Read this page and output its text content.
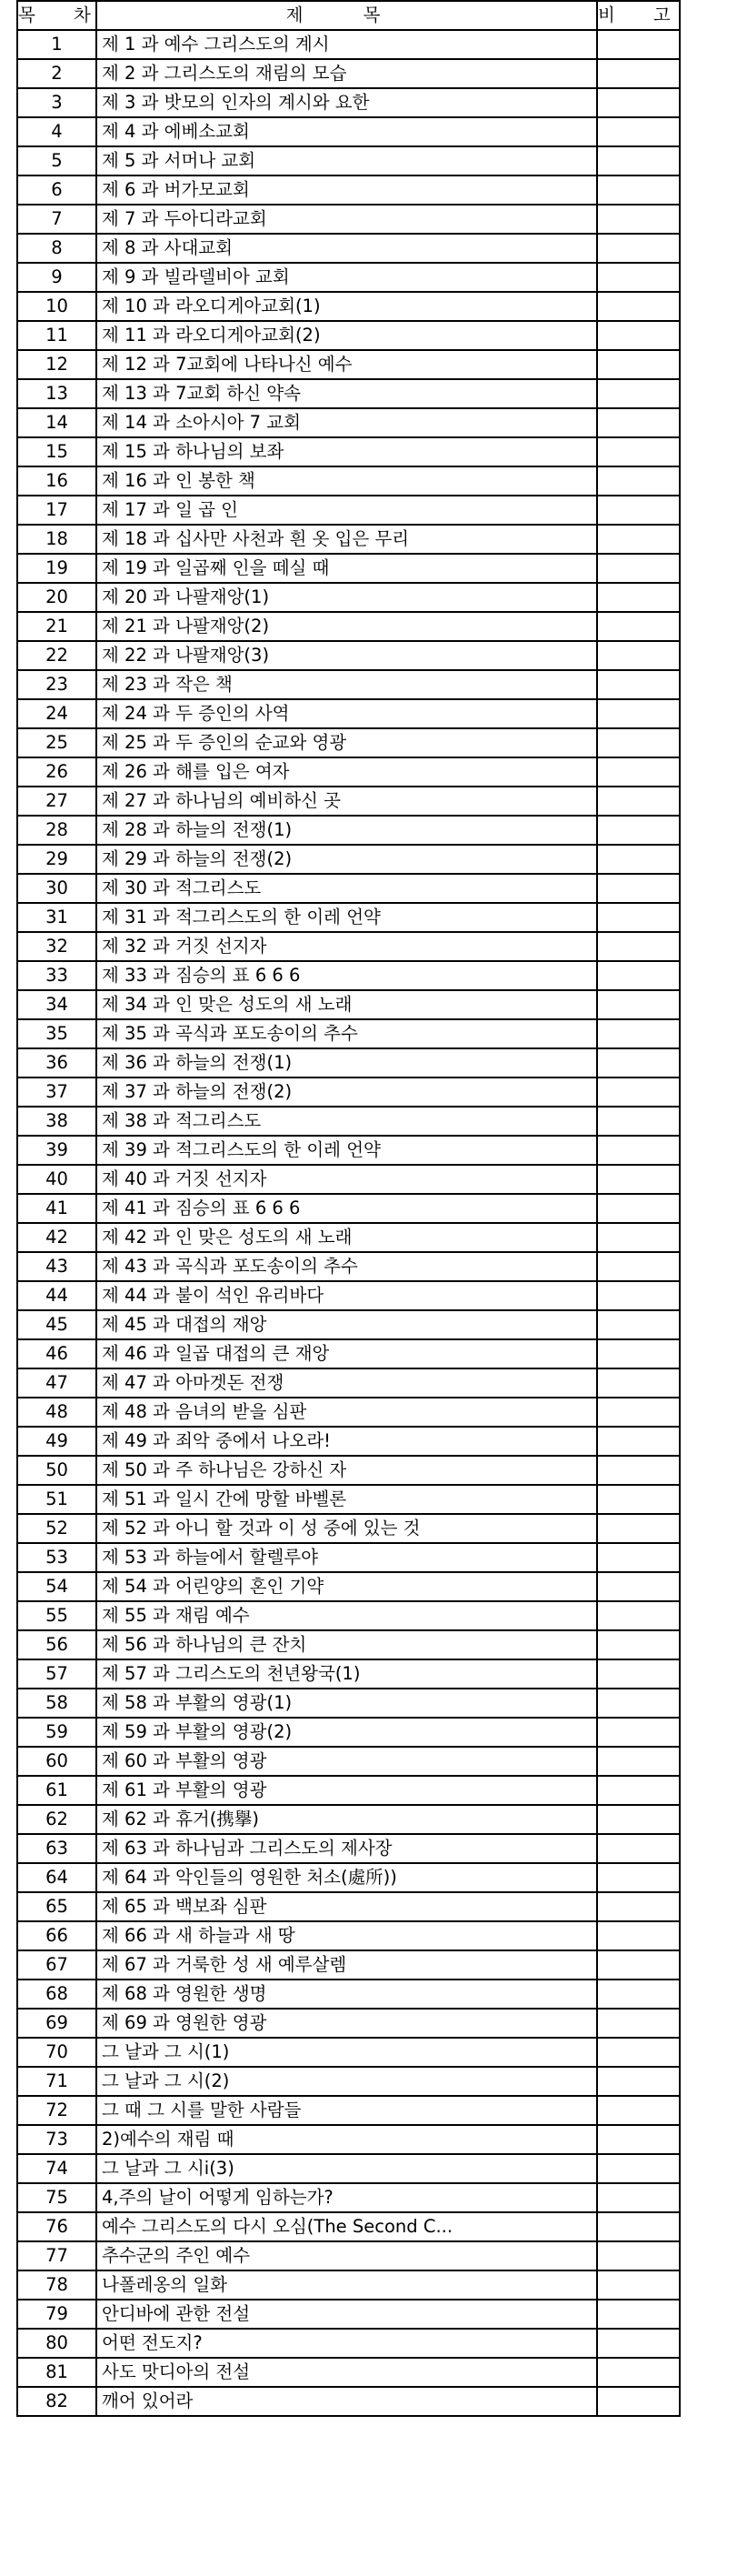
목 차	제 목	비 고
1	제 1 과 예수 그리스도의 계시	
2	제 2 과 그리스도의 재림의 모습	
3	제 3 과 밧모의 인자의 계시와 요한	
4	제 4 과 에베소교회	
5	제 5 과 서머나 교회	
6	제 6 과 버가모교회	
7	제 7 과 두아디라교회	
8	제 8 과 사대교회	
9	제 9 과 빌라델비아 교회	
10	제 10 과 라오디게아교회(1)	
11	제 11 과 라오디게아교회(2)	
12	제 12 과 7교회에 나타나신 예수	
13	제 13 과 7교회 하신 약속	
14	제 14 과 소아시아 7 교회	
15	제 15 과 하나님의 보좌	
16	제 16 과 인 봉한 책	
17	제 17 과 일 곱 인	
18	제 18 과 십사만 사천과 흰 옷 입은 무리	
19	제 19 과 일곱째 인을 떼실 때	
20	제 20 과 나팔재앙(1)	
21	제 21 과 나팔재앙(2)	
22	제 22 과 나팔재앙(3)	
23	제 23 과 작은 책	
24	제 24 과 두 증인의 사역	
25	제 25 과 두 증인의 순교와 영광	
26	제 26 과 해를 입은 여자	
27	제 27 과 하나님의 예비하신 곳	
28	제 28 과 하늘의 전쟁(1)	
29	제 29 과 하늘의 전쟁(2)	
30	제 30 과 적그리스도	
31	제 31 과 적그리스도의 한 이레 언약	
32	제 32 과 거짓 선지자	
33	제 33 과 짐승의 표 6 6 6	
34	제 34 과 인 맞은 성도의 새 노래	
35	제 35 과 곡식과 포도송이의 추수	
36	제 36 과 하늘의 전쟁(1)	
37	제 37 과 하늘의 전쟁(2)	
38	제 38 과 적그리스도	
39	제 39 과 적그리스도의 한 이레 언약	
40	제 40 과 거짓 선지자	
41	제 41 과 짐승의 표 6 6 6	
42	제 42 과 인 맞은 성도의 새 노래	
43	제 43 과 곡식과 포도송이의 추수	
44	제 44 과 불이 석인 유리바다	
45	제 45 과 대접의 재앙	
46	제 46 과 일곱 대접의 큰 재앙	
47	제 47 과 아마겟돈 전쟁	
48	제 48 과 음녀의 받을 심판	
49	제 49 과 죄악 중에서 나오라!	
50	제 50 과 주 하나님은 강하신 자	
51	제 51 과 일시 간에 망할 바벨론	
52	제 52 과 아니 할 것과 이 성 중에 있는 것	
53	제 53 과 하늘에서 할렐루야	
54	제 54 과 어린양의 혼인 기약	
55	제 55 과 재림 예수	
56	제 56 과 하나님의 큰 잔치	
57	제 57 과 그리스도의 천년왕국(1)	
58	제 58 과 부활의 영광(1)	
59	제 59 과 부활의 영광(2)	
60	제 60 과 부활의 영광	
61	제 61 과 부활의 영광	
62	제 62 과 휴거(携擧)	
63	제 63 과 하나님과 그리스도의 제사장	
64	제 64 과 악인들의 영원한 처소(處所))	
65	제 65 과 백보좌 심판	
66	제 66 과 새 하늘과 새 땅	
67	제 67 과 거룩한 성 새 예루살렘	
68	제 68 과 영원한 생명	
69	제 69 과 영원한 영광	
70	그 날과 그 시(1)	
71	그 날과 그 시(2)	
72	그 때 그 시를 말한 사람들	
73	2)예수의 재림 때	
74	그 날과 그 시i(3)	
75	4,주의 날이 어떻게 임하는가?	
76	예수 그리스도의 다시 오심(The Second C...	
77	추수군의 주인 예수	
78	나폴레옹의 일화	
79	안디바에 관한 전설	
80	어떤 전도지?	
81	사도 맛디아의 전설	
82	깨어 있어라	
